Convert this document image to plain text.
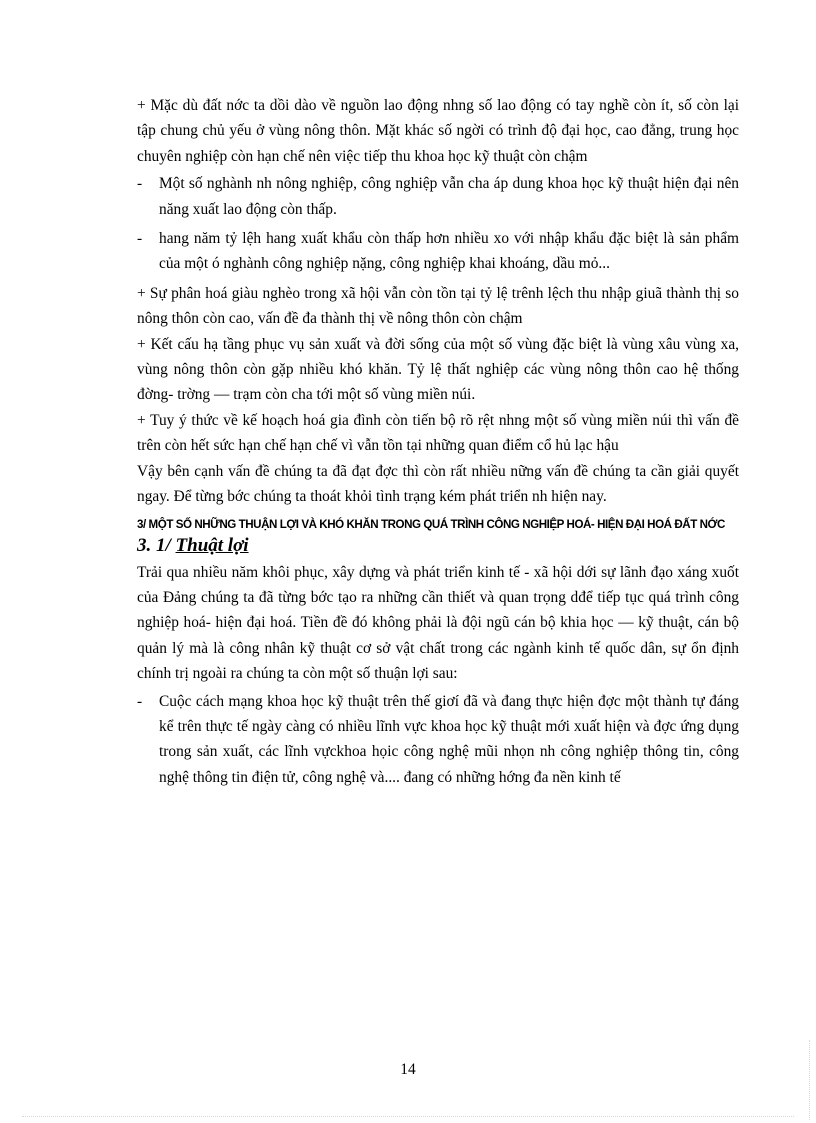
+ Mặc dù đất nớc ta dồi dào về nguồn lao động nhng số lao động có tay nghề còn ít, số còn lại tập chung chủ yếu ở vùng nông thôn. Mặt khác số ngời có trình độ đại học, cao đẳng, trung học chuyên nghiệp còn hạn chế nên việc tiếp thu khoa học kỹ thuật còn chậm

-	Một số nghành nh nông nghiệp, công nghiệp vẫn cha áp dung khoa học kỹ thuật hiện đại nên năng xuất lao động còn thấp.
-	hang năm tỷ lệh hang xuất khẩu còn thấp hơn nhiều xo với nhập khẩu đặc biệt là sản phẩm của một ó nghành công nghiệp nặng, công nghiệp khai khoáng, dầu mỏ...

+ Sự phân hoá giàu nghèo trong xã hội vẫn còn tồn tại tỷ lệ trênh lệch thu nhập giuã thành thị so nông thôn còn cao, vấn đề đa thành thị về nông thôn còn chậm

+ Kết cấu hạ tầng phục vụ sản xuất và đời sống của một số vùng đặc biệt là vùng xâu vùng xa, vùng nông thôn còn gặp nhiều khó khăn. Tỷ lệ thất nghiệp các vùng nông thôn cao hệ thống đờng- trờng — trạm còn cha tới một số vùng miền núi.

+ Tuy ý thức về kế hoạch hoá gia đình còn tiến bộ rõ rệt nhng một số vùng miền núi thì vấn đề trên còn hết sức hạn chế hạn chế vì vẫn tồn tại những quan điểm cổ hủ lạc hậu

Vậy bên cạnh vấn đề chúng ta đã đạt đợc thì còn rất nhiều nững vấn đề chúng ta cần giải quyết ngay. Để từng bớc chúng ta thoát khỏi tình trạng kém phát triển nh hiện nay.

3/ MỘT SỐ NHỮNG THUẬN LỢI VÀ KHÓ KHĂN TRONG QUÁ TRÌNH CÔNG NGHIỆP HOÁ- HIỆN ĐẠI HOÁ ĐẤT NỚC
3. 1/ Thuật lợi

Trải qua nhiều năm khôi phục, xây dựng và phát triển kinh tế - xã hội dới sự lãnh đạo xáng xuốt của Đảng chúng ta đã từng bớc tạo ra những cần thiết và quan trọng dđể tiếp tục quá trình công nghiệp hoá- hiện đại hoá. Tiền đề đó không phải là đội ngũ cán bộ khia học — kỹ thuật, cán bộ quản lý mà là công nhân kỹ thuật cơ sở vật chất trong các ngành kinh tế quốc dân, sự ổn định chính trị ngoài ra chúng ta còn một số thuận lợi sau:

-	Cuộc cách mạng khoa học kỹ thuật trên thế giơí đã và đang thực hiện đợc một thành tự đáng kể trên thực tế ngày càng có nhiều lĩnh vực khoa học kỹ thuật mới xuất hiện và đợc ứng dụng trong sản xuất, các lĩnh vựckhoa họic công nghệ mũi nhọn nh công nghiệp thông tin, công nghệ thông tin điện tử, công nghệ và.... đang có những hớng đa nền kinh tế
14
